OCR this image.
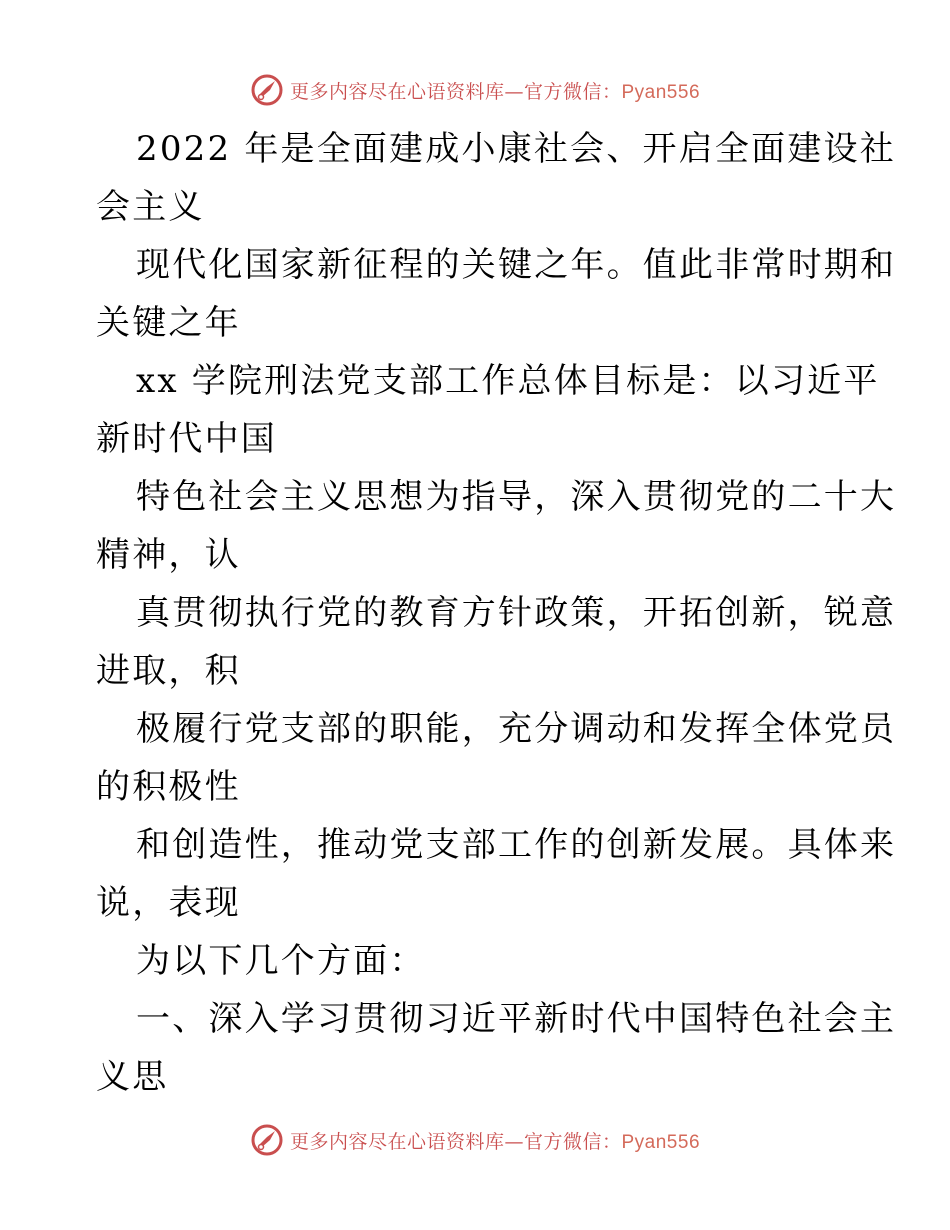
更多内容尽在心语资料库—官方微信：Pyan556
2022 年是全面建成小康社会、开启全面建设社
会主义
现代化国家新征程的关键之年。值此非常时期和
关键之年
xx 学院刑法党支部工作总体目标是：以习近平
新时代中国
特色社会主义思想为指导，深入贯彻党的二十大
精神，认
真贯彻执行党的教育方针政策，开拓创新，锐意
进取，积
极履行党支部的职能，充分调动和发挥全体党员
的积极性
和创造性，推动党支部工作的创新发展。具体来
说，表现
为以下几个方面：
一、深入学习贯彻习近平新时代中国特色社会主
义思
更多内容尽在心语资料库—官方微信：Pyan556
